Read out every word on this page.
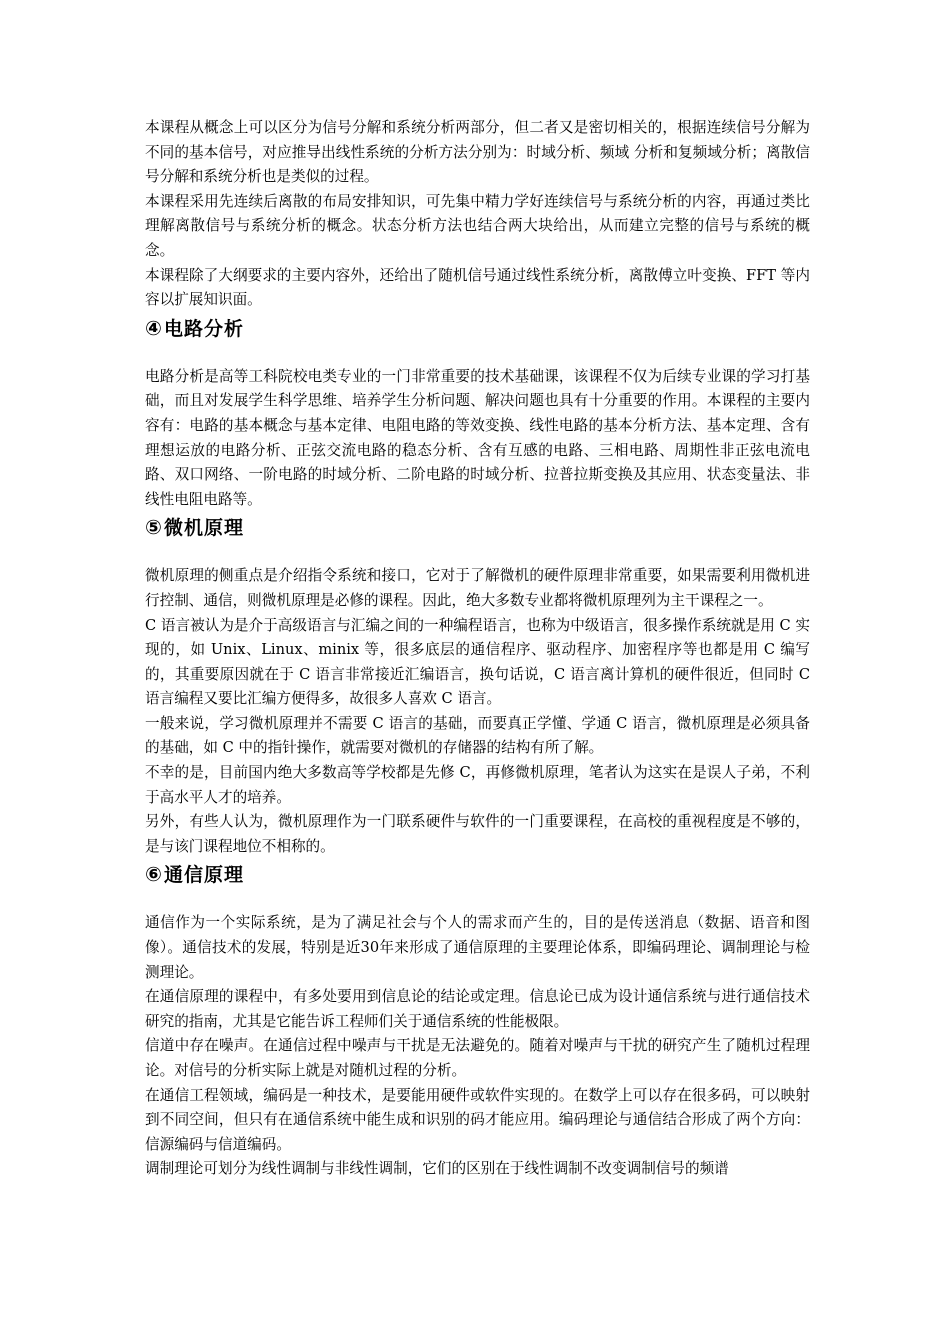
本课程从概念上可以区分为信号分解和系统分析两部分，但二者又是密切相关的，根据连续信号分解为不同的基本信号，对应推导出线性系统的分析方法分别为：时域分析、频域 分析和复频域分析；离散信号分解和系统分析也是类似的过程。

本课程采用先连续后离散的布局安排知识，可先集中精力学好连续信号与系统分析的内容，再通过类比理解离散信号与系统分析的概念。状态分析方法也结合两大块给出，从而建立完整的信号与系统的概念。

本课程除了大纲要求的主要内容外，还给出了随机信号通过线性系统分析，离散傅立叶变换、FFT 等内容以扩展知识面。

④电路分析

电路分析是高等工科院校电类专业的一门非常重要的技术基础课，该课程不仅为后续专业课的学习打基础，而且对发展学生科学思维、培养学生分析问题、解决问题也具有十分重要的作用。本课程的主要内容有：电路的基本概念与基本定律、电阻电路的等效变换、线性电路的基本分析方法、基本定理、含有理想运放的电路分析、正弦交流电路的稳态分析、含有互感的电路、三相电路、周期性非正弦电流电路、双口网络、一阶电路的时域分析、二阶电路的时域分析、拉普拉斯变换及其应用、状态变量法、非线性电阻电路等。

⑤微机原理

微机原理的侧重点是介绍指令系统和接口，它对于了解微机的硬件原理非常重要，如果需要利用微机进行控制、通信，则微机原理是必修的课程。因此，绝大多数专业都将微机原理列为主干课程之一。

C 语言被认为是介于高级语言与汇编之间的一种编程语言，也称为中级语言，很多操作系统就是用 C 实现的，如 Unix、Linux、minix 等，很多底层的通信程序、驱动程序、加密程序等也都是用 C 编写的，其重要原因就在于 C 语言非常接近汇编语言，换句话说，C 语言离计算机的硬件很近，但同时 C 语言编程又要比汇编方便得多，故很多人喜欢 C 语言。

一般来说，学习微机原理并不需要 C 语言的基础，而要真正学懂、学通 C 语言，微机原理是必须具备的基础，如 C 中的指针操作，就需要对微机的存储器的结构有所了解。

不幸的是，目前国内绝大多数高等学校都是先修 C，再修微机原理，笔者认为这实在是误人子弟，不利于高水平人才的培养。

另外，有些人认为，微机原理作为一门联系硬件与软件的一门重要课程，在高校的重视程度是不够的，是与该门课程地位不相称的。

⑥通信原理

通信作为一个实际系统，是为了满足社会与个人的需求而产生的，目的是传送消息（数据、语音和图像）。通信技术的发展，特别是近30年来形成了通信原理的主要理论体系，即编码理论、调制理论与检测理论。

在通信原理的课程中，有多处要用到信息论的结论或定理。信息论已成为设计通信系统与进行通信技术研究的指南，尤其是它能告诉工程师们关于通信系统的性能极限。

信道中存在噪声。在通信过程中噪声与干扰是无法避免的。随着对噪声与干扰的研究产生了随机过程理论。对信号的分析实际上就是对随机过程的分析。

在通信工程领域，编码是一种技术，是要能用硬件或软件实现的。在数学上可以存在很多码，可以映射到不同空间，但只有在通信系统中能生成和识别的码才能应用。编码理论与通信结合形成了两个方向：信源编码与信道编码。

调制理论可划分为线性调制与非线性调制，它们的区别在于线性调制不改变调制信号的频谱
